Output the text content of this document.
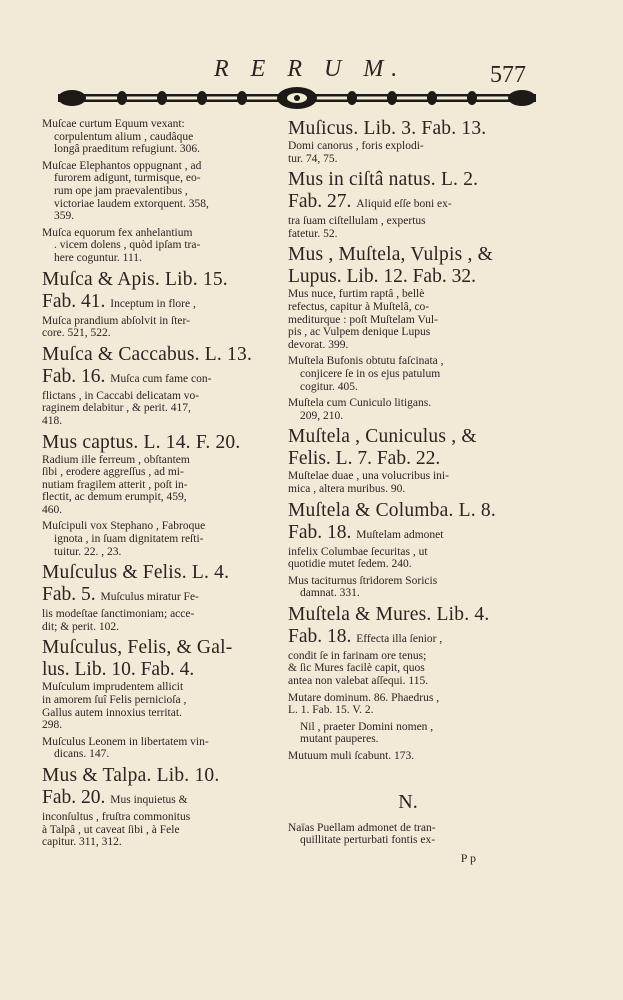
R E R U M.	577
Muſcae curtum Equum vexant:
corpulentum alium , caudâque
longâ praeditum refugiunt. 306.
Muſcae Elephantos oppugnant , ad
furorem adigunt, turmisque, eo-
rum ope jam praevalentibus ,
victoriae laudem extorquent. 358,
359.
Muſca equorum fex anhelantium
. vicem dolens , quòd ipſam tra-
here coguntur. 111.
Muſca & Apis. Lib. 15.
Fab. 41. Inceptum in flore ,
Muſca prandium abſolvit in ſter-
core. 521, 522.
Muſca & Caccabus. L. 13.
Fab. 16. Muſca cum fame con-
flictans , in Caccabi delicatam vo-
raginem delabitur , & perit. 417,
418.
Mus captus. L. 14. F. 20.
Radium ille ferreum , obſtantem
ſibi , erodere aggreſſus , ad mi-
nutiam fragilem atterit , poſt in-
flectit, ac demum erumpit, 459,
460.
Muſcipuli vox Stephano , Fabroque
ignota , in ſuam dignitatem reſti-
tuitur. 22. , 23.
Muſculus & Felis. L. 4.
Fab. 5. Muſculus miratur Fe-
lis modeſtae ſanctimoniam; acce-
dit; & perit. 102.
Muſculus, Felis, & Gal-
lus. Lib. 10. Fab. 4.
Muſculum imprudentem allicit
in amorem ſuî Felis pernicioſa ,
Gallus autem innoxius territat.
298.
Muſculus Leonem in libertatem vin-
dicans. 147.
Mus & Talpa. Lib. 10.
Fab. 20. Mus inquietus &
inconſultus , fruſtra commonitus
à Talpâ , ut caveat ſibi , à Fele
capitur. 311, 312.
Muſicus. Lib. 3. Fab. 13.
Domi canorus , foris explodi-
tur. 74, 75.
Mus in ciſtâ natus. L. 2.
Fab. 27. Aliquid eſſe boni ex-
tra ſuam ciſtellulam , expertus
fatetur. 52.
Mus , Muſtela, Vulpis , &
Lupus. Lib. 12. Fab. 32.
Mus nuce, furtim raptâ , bellè
refectus, capitur à Muſtelâ, co-
mediturque : poſt Muſtelam Vul-
pis , ac Vulpem denique Lupus
devorat. 399.
Muſtela Bufonis obtutu faſcinata ,
conjicere ſe in os ejus patulum
cogitur. 405.
Muſtela cum Cuniculo litigans.
209, 210.
Muſtela , Cuniculus , &
Felis. L. 7. Fab. 22.
Muſtelae duae , una volucribus ini-
mica , altera muribus. 90.
Muſtela & Columba. L. 8.
Fab. 18. Muſtelam admonet
infelix Columbae ſecuritas , ut
quotidie mutet ſedem. 240.
Mus taciturnus ſtridorem Soricis
damnat. 331.
Muſtela & Mures. Lib. 4.
Fab. 18. Effecta illa ſenior ,
condit ſe in farinam ore tenus;
& ſic Mures facilè capit, quos
antea non valebat aſſequi. 115.
Mutare dominum. 86. Phaedrus ,
L. 1. Fab. 15. V. 2.
Nil , praeter Domini nomen ,
mutant pauperes.
Mutuum muli ſcabunt. 173.
N.
Naïas Puellam admonet de tran-
quillitate perturbati fontis ex-
P p
